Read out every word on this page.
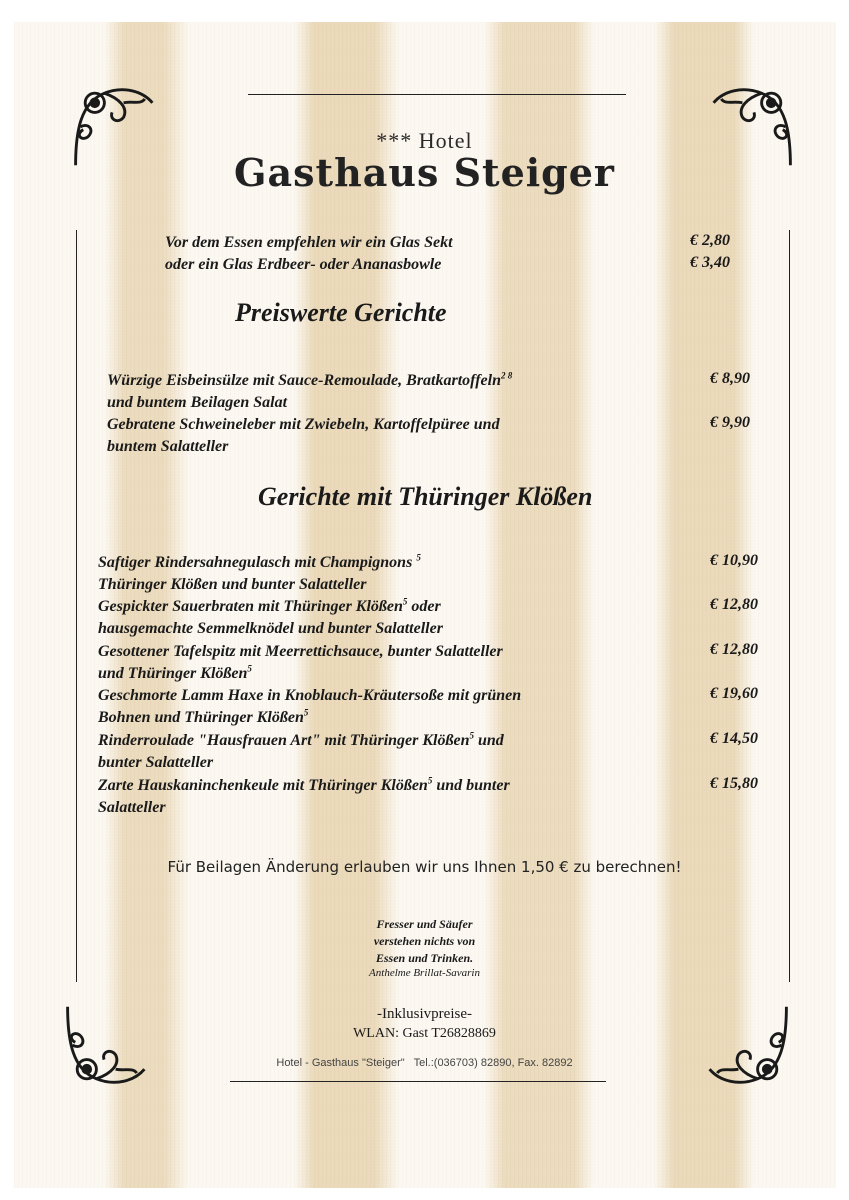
*** Hotel
Gasthaus Steiger
Vor dem Essen empfehlen wir ein Glas Sekt	€ 2,80
oder ein Glas Erdbeer- oder Ananasbowle	€ 3,40
Preiswerte Gerichte
Würzige Eisbeinsülze mit Sauce-Remoulade, Bratkartoffeln$^{2 8}$
und buntem Beilagen Salat
€ 8,90
Gebratene Schweineleber mit Zwiebeln, Kartoffelpüree und
buntem Salatteller
€ 9,90
Gerichte mit Thüringer Klößen
Saftiger Rindersahnegulasch mit Champignons $^5$
Thüringer Klößen und bunter Salatteller
€ 10,90
Gespickter Sauerbraten mit Thüringer Klößen$^5$ oder
hausgemachte Semmelknödel und bunter Salatteller
€ 12,80
Gesottener Tafelspitz mit Meerrettichsauce, bunter Salatteller
und Thüringer Klößen$^5$
€ 12,80
Geschmorte Lamm Haxe in Knoblauch-Kräutersoße mit grünen
Bohnen und Thüringer Klößen$^5$
€ 19,60
Rinderroulade "Hausfrauen Art" mit Thüringer Klößen$^5$ und
bunter Salatteller
€ 14,50
Zarte Hauskaninchenkeule mit Thüringer Klößen$^5$ und bunter
Salatteller
€ 15,80
Für Beilagen Änderung erlauben wir uns Ihnen 1,50 € zu berechnen!
Fresser und Säufer
verstehen nichts von
Essen und Trinken.
Anthelme Brillat-Savarin
-Inklusivpreise-
WLAN: Gast T26828869
Hotel - Gasthaus "Steiger"   Tel.:(036703) 82890, Fax. 82892
